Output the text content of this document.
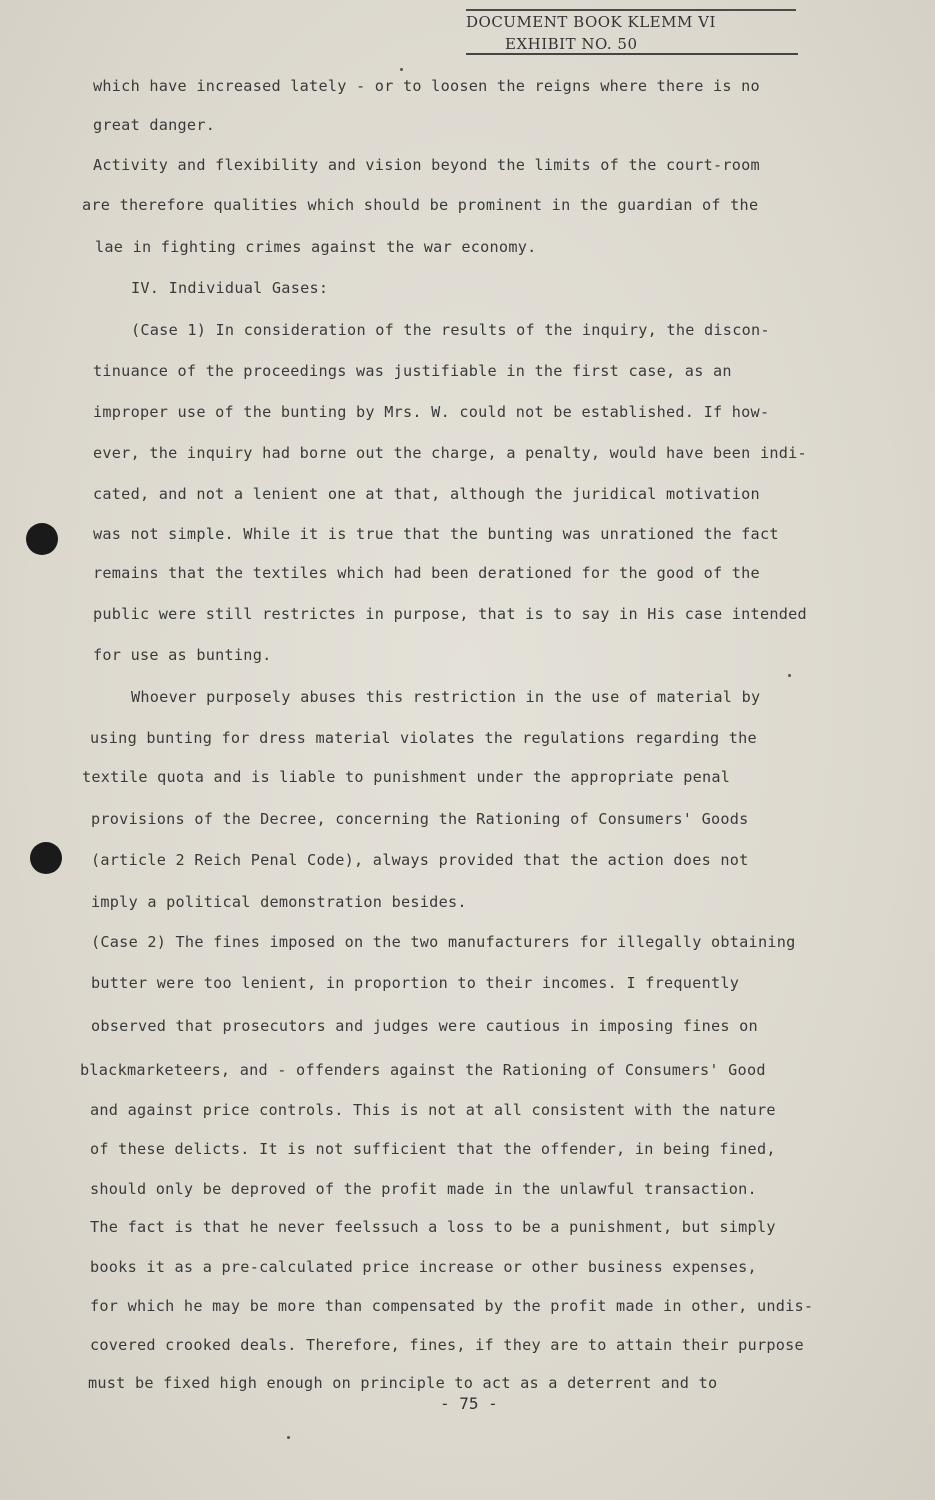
DOCUMENT BOOK KLEMM VI
EXHIBIT NO. 50
which have increased lately - or to loosen the reigns where there is no
great danger.
Activity and flexibility and vision beyond the limits of the court-room
are therefore qualities which should be prominent in the guardian of the
lae in fighting crimes against the war economy.
IV. Individual Gases:
(Case 1) In consideration of the results of the inquiry, the discon-
tinuance of the proceedings was justifiable in the first case, as an
improper use of the bunting by Mrs. W. could not be established. If how-
ever, the inquiry had borne out the charge, a penalty, would have been indi-
cated, and not a lenient one at that, although the juridical motivation
was not simple. While it is true that the bunting was unrationed the fact
remains that the textiles which had been derationed for the good of the
public were still restrictes in purpose, that is to say in His case intended
for use as bunting.
Whoever purposely abuses this restriction in the use of material by
using bunting for dress material violates the regulations regarding the
textile quota and is liable to punishment under the appropriate penal
provisions of the Decree, concerning the Rationing of Consumers' Goods
(article 2 Reich Penal Code), always provided that the action does not
imply a political demonstration besides.
(Case 2) The fines imposed on the two manufacturers for illegally obtaining
butter were too lenient, in proportion to their incomes. I frequently
observed that prosecutors and judges were cautious in imposing fines on
blackmarketeers, and - offenders against the Rationing of Consumers' Good
and against price controls. This is not at all consistent with the nature
of these delicts. It is not sufficient that the offender, in being fined,
should only be deproved of the profit made in the unlawful transaction.
The fact is that he never feelssuch a loss to be a punishment, but simply
books it as a pre-calculated price increase or other business expenses,
for which he may be more than compensated by the profit made in other, undis-
covered crooked deals. Therefore, fines, if they are to attain their purpose
must be fixed high enough on principle to act as a deterrent and to
- 75 -
